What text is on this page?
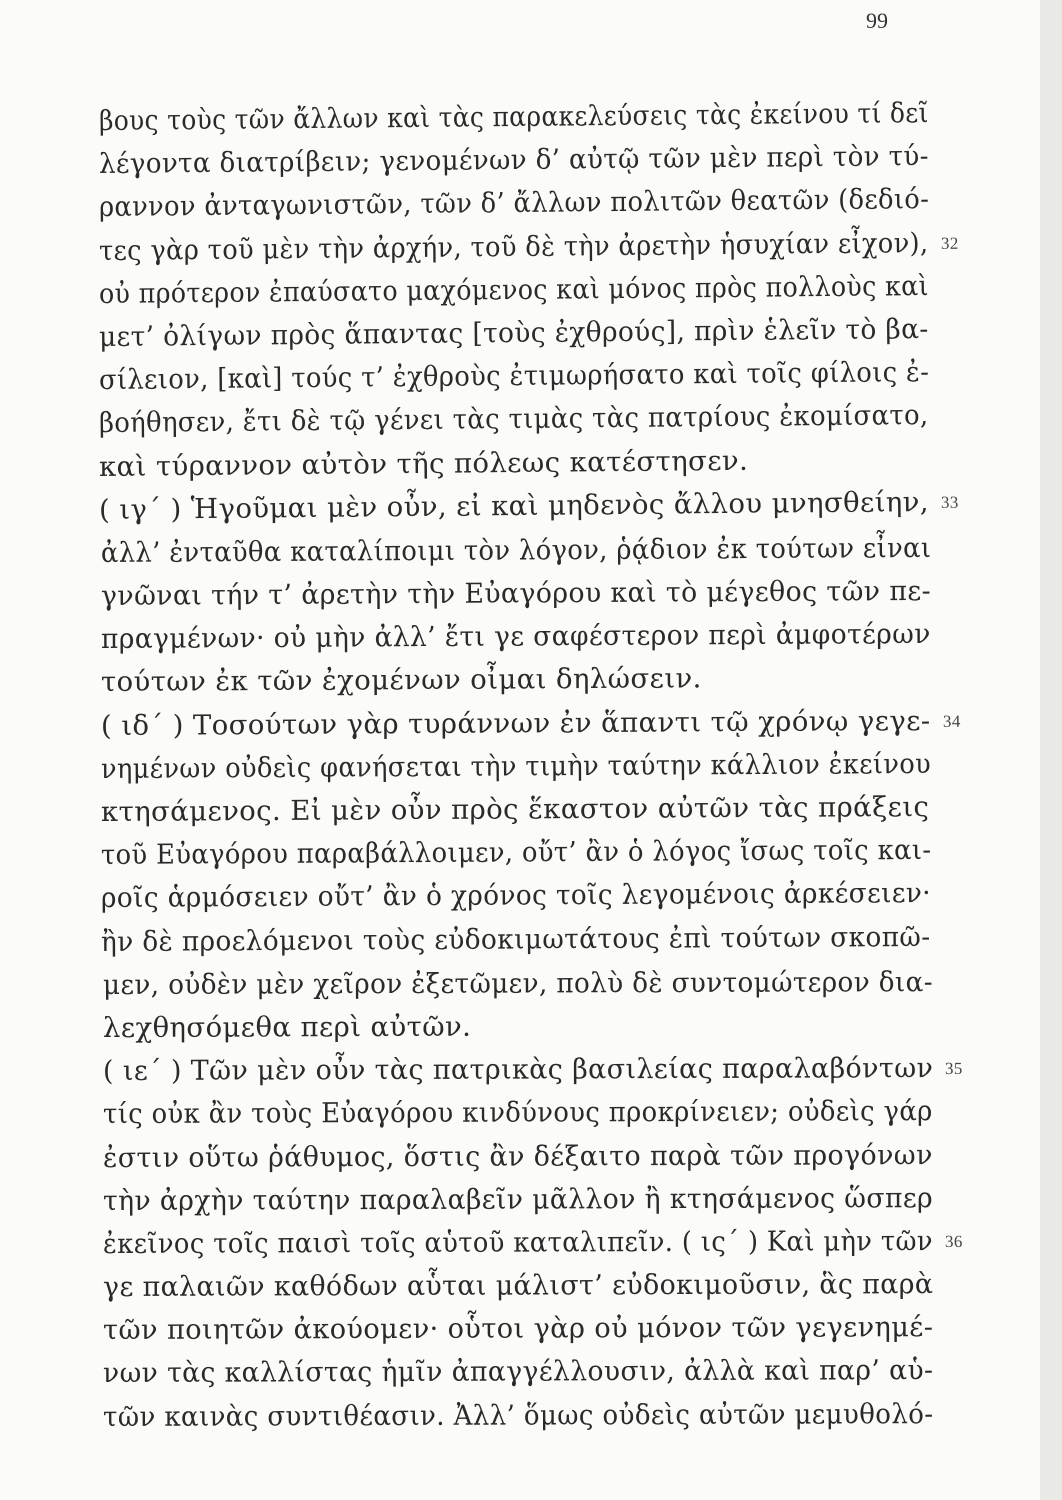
99
βους τοὺς τῶν ἄλλων καὶ τὰς παρακελεύσεις τὰς ἐκείνου τί δεῖ
λέγοντα διατρίβειν; γενομένων δ’ αὐτῷ τῶν μὲν περὶ τὸν τύ-
ραννον ἀνταγωνιστῶν, τῶν δ’ ἄλλων πολιτῶν θεατῶν (δεδιό-
τες γὰρ τοῦ μὲν τὴν ἀρχήν, τοῦ δὲ τὴν ἀρετὴν ἡσυχίαν εἶχον), 32
οὐ πρότερον ἐπαύσατο μαχόμενος καὶ μόνος πρὸς πολλοὺς καὶ
μετ’ ὀλίγων πρὸς ἅπαντας [τοὺς ἐχθρούς], πρὶν ἑλεῖν τὸ βα-
σίλειον, [καὶ] τούς τ’ ἐχθροὺς ἐτιμωρήσατο καὶ τοῖς φίλοις ἐ-
βοήθησεν, ἔτι δὲ τῷ γένει τὰς τιμὰς τὰς πατρίους ἐκομίσατο,
καὶ τύραννον αὐτὸν τῆς πόλεως κατέστησεν.
( ιγ΄ ) Ἡγοῦμαι μὲν οὖν, εἰ καὶ μηδενὸς ἄλλου μνησθείην, 33
ἀλλ’ ἐνταῦθα καταλίποιμι τὸν λόγον, ῥᾴδιον ἐκ τούτων εἶναι
γνῶναι τήν τ’ ἀρετὴν τὴν Εὐαγόρου καὶ τὸ μέγεθος τῶν πε-
πραγμένων· οὐ μὴν ἀλλ’ ἔτι γε σαφέστερον περὶ ἀμφοτέρων
τούτων ἐκ τῶν ἐχομένων οἶμαι δηλώσειν.
( ιδ΄ ) Τοσούτων γὰρ τυράννων ἐν ἅπαντι τῷ χρόνῳ γεγε- 34
νημένων οὐδεὶς φανήσεται τὴν τιμὴν ταύτην κάλλιον ἐκείνου
κτησάμενος. Εἰ μὲν οὖν πρὸς ἕκαστον αὐτῶν τὰς πράξεις
τοῦ Εὐαγόρου παραβάλλοιμεν, οὔτ’ ἂν ὁ λόγος ἴσως τοῖς και-
ροῖς ἁρμόσειεν οὔτ’ ἂν ὁ χρόνος τοῖς λεγομένοις ἀρκέσειεν·
ἢν δὲ προελόμενοι τοὺς εὐδοκιμωτάτους ἐπὶ τούτων σκοπῶ-
μεν, οὐδὲν μὲν χεῖρον ἐξετῶμεν, πολὺ δὲ συντομώτερον δια-
λεχθησόμεθα περὶ αὐτῶν.
( ιε΄ ) Τῶν μὲν οὖν τὰς πατρικὰς βασιλείας παραλαβόντων 35
τίς οὐκ ἂν τοὺς Εὐαγόρου κινδύνους προκρίνειεν; οὐδεὶς γάρ
ἐστιν οὕτω ῥάθυμος, ὅστις ἂν δέξαιτο παρὰ τῶν προγόνων
τὴν ἀρχὴν ταύτην παραλαβεῖν μᾶλλον ἢ κτησάμενος ὥσπερ
ἐκεῖνος τοῖς παισὶ τοῖς αὑτοῦ καταλιπεῖν. ( ις΄ ) Καὶ μὴν τῶν 36
γε παλαιῶν καθόδων αὗται μάλιστ’ εὐδοκιμοῦσιν, ἃς παρὰ
τῶν ποιητῶν ἀκούομεν· οὗτοι γὰρ οὐ μόνον τῶν γεγενημέ-
νων τὰς καλλίστας ἡμῖν ἀπαγγέλλουσιν, ἀλλὰ καὶ παρ’ αὑ-
τῶν καινὰς συντιθέασιν. Ἀλλ’ ὅμως οὐδεὶς αὐτῶν μεμυθολό-
